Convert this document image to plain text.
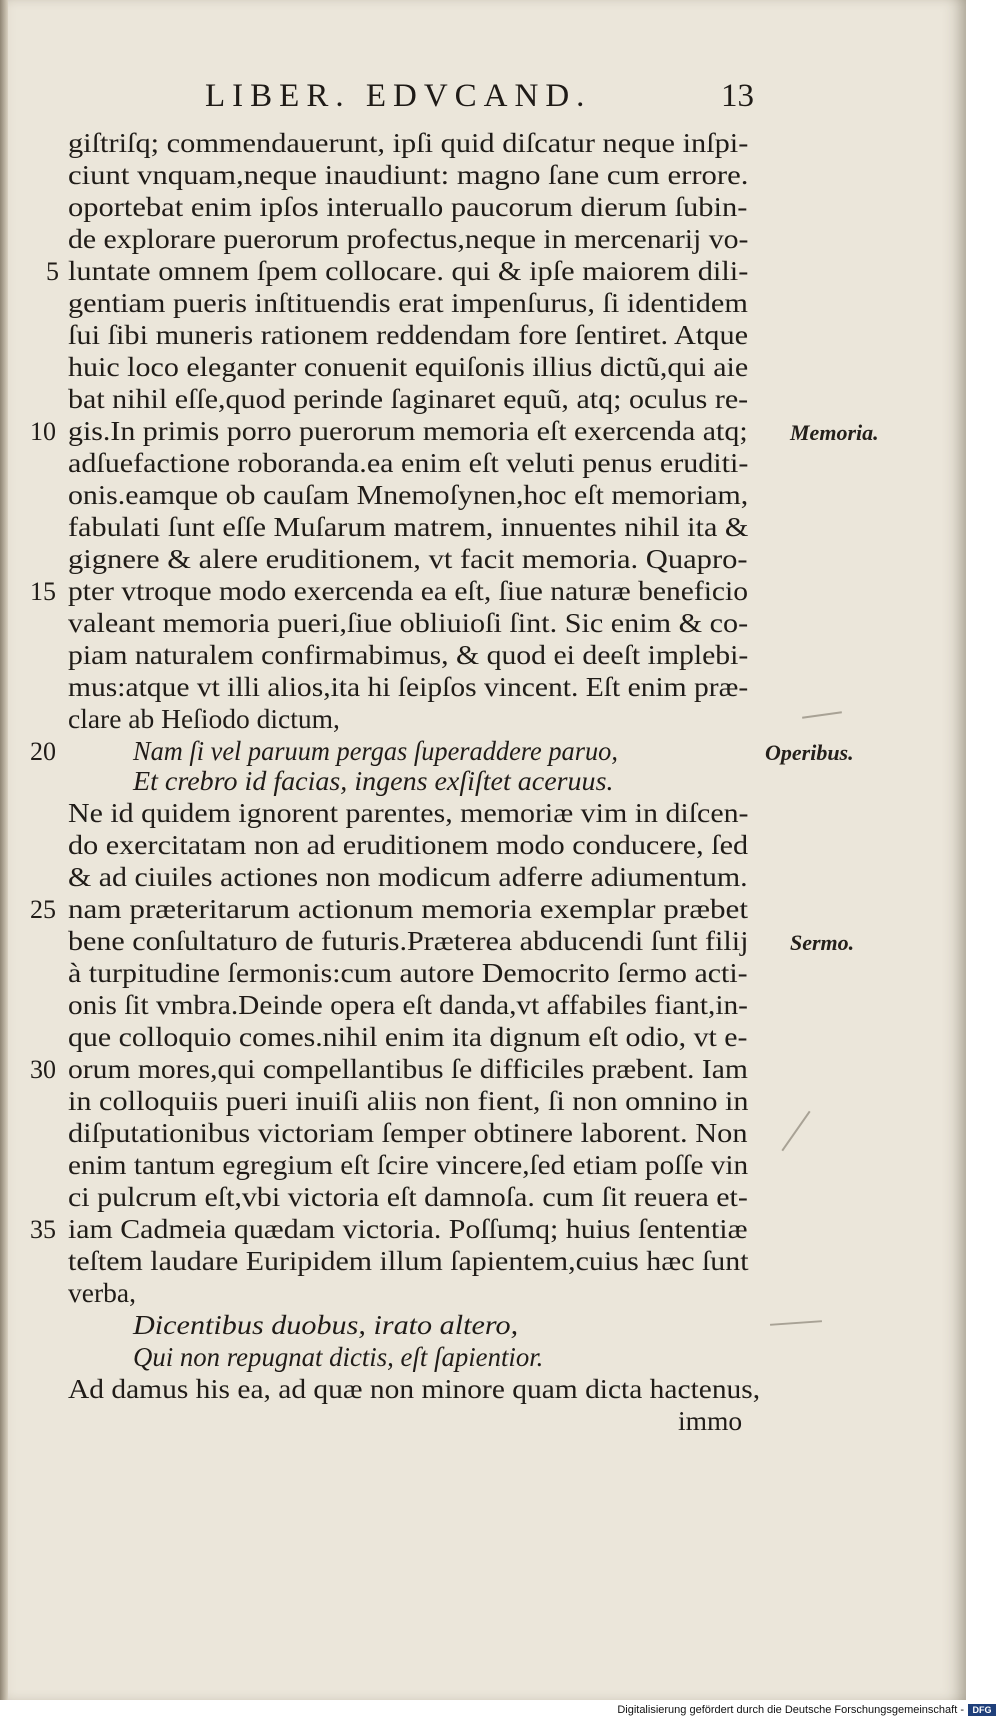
LIBER. EDVCAND.	13
giſtriſq; commendauerunt, ipſi quid diſcatur neque inſpi-
ciunt vnquam,neque inaudiunt: magno ſane cum errore.
oportebat enim ipſos interuallo paucorum dierum ſubin-
de explorare puerorum profectus,neque in mercenarij vo-
luntate omnem ſpem collocare. qui & ipſe maiorem dili-
gentiam pueris inſtituendis erat impenſurus, ſi identidem
ſui ſibi muneris rationem reddendam fore ſentiret. Atque
huic loco eleganter conuenit equiſonis illius dictũ,qui aie
bat nihil eſſe,quod perinde ſaginaret equũ, atq; oculus re-
gis.In primis porro puerorum memoria eſt exercenda atq;
adſuefactione roboranda.ea enim eſt veluti penus eruditi-
onis.eamque ob cauſam Mnemoſynen,hoc eſt memoriam,
fabulati ſunt eſſe Muſarum matrem, innuentes nihil ita &
gignere & alere eruditionem, vt facit memoria. Quapro-
pter vtroque modo exercenda ea eſt, ſiue naturæ beneficio
valeant memoria pueri,ſiue obliuioſi ſint. Sic enim & co-
piam naturalem confirmabimus, & quod ei deeſt implebi-
mus:atque vt illi alios,ita hi ſeipſos vincent. Eſt enim præ-
clare ab Heſiodo dictum,
Nam ſi vel paruum pergas ſuperaddere paruo,
Et crebro id facias, ingens exſiſtet aceruus.
Ne id quidem ignorent parentes, memoriæ vim in diſcen-
do exercitatam non ad eruditionem modo conducere, ſed
& ad ciuiles actiones non modicum adferre adiumentum.
nam præteritarum actionum memoria exemplar præbet
bene conſultaturo de futuris.Præterea abducendi ſunt filij
à turpitudine ſermonis:cum autore Democrito ſermo acti-
onis ſit vmbra.Deinde opera eſt danda,vt affabiles fiant,in-
que colloquio comes.nihil enim ita dignum eſt odio, vt e-
orum mores,qui compellantibus ſe difficiles præbent. Iam
in colloquiis pueri inuiſi aliis non fient, ſi non omnino in
diſputationibus victoriam ſemper obtinere laborent. Non
enim tantum egregium eſt ſcire vincere,ſed etiam poſſe vin
ci pulcrum eſt,vbi victoria eſt damnoſa. cum ſit reuera et-
iam Cadmeia quædam victoria. Poſſumq; huius ſententiæ
teſtem laudare Euripidem illum ſapientem,cuius hæc ſunt
verba,
Dicentibus duobus, irato altero,
Qui non repugnat dictis, eſt ſapientior.
Ad damus his ea, ad quæ non minore quam dicta hactenus,
immo
5
10
15
20
25
30
35
Memoria.
Operibus.
Sermo.
Digitalisierung gefördert durch die Deutsche Forschungsgemeinschaft - DFG
